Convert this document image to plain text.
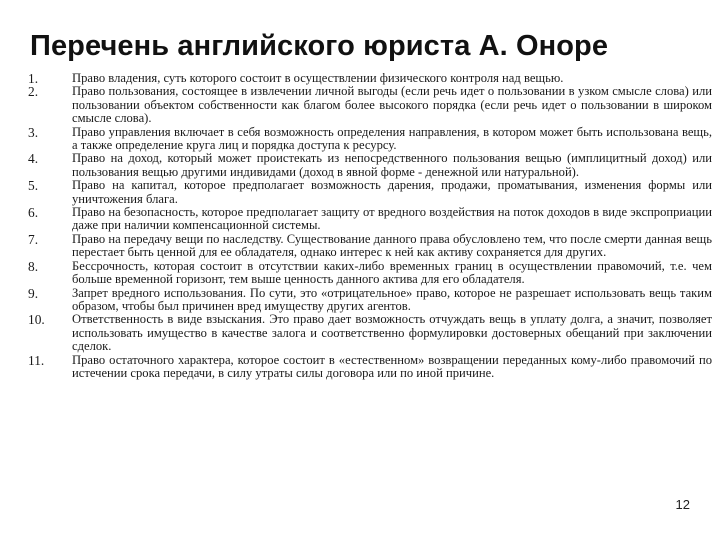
Перечень английского юриста А. Оноре
1.	Право владения, суть которого состоит в осуществлении физического контроля над вещью.
2.	Право пользования, состоящее в извлечении личной выгоды (если речь идет о пользовании в узком смысле слова) или пользовании объектом собственности как благом более высокого порядка (если речь идет о пользовании в широком смысле слова).
3.	Право управления включает в себя возможность определения направления, в котором может быть использована вещь, а также определение круга лиц и порядка доступа к ресурсу.
4.	Право на доход, который может проистекать из непосредственного пользования вещью (имплицитный доход) или пользования вещью другими индивидами (доход в явной форме - денежной или натуральной).
5.	Право на капитал, которое предполагает возможность дарения, продажи, проматывания, изменения формы или уничтожения блага.
6.	Право на безопасность, которое предполагает защиту от вредного воздействия на поток доходов в виде экспроприации даже при наличии компенсационной системы.
7.	Право на передачу вещи по наследству. Существование данного права обусловлено тем, что после смерти данная вещь перестает быть ценной для ее обладателя, однако интерес к ней как активу сохраняется для других.
8.	Бессрочность, которая состоит в отсутствии каких-либо временных границ в осуществлении правомочий, т.е. чем больше временной горизонт, тем выше ценность данного актива для его обладателя.
9.	Запрет вредного использования. По сути, это «отрицательное» право, которое не разрешает использовать вещь таким образом, чтобы был причинен вред имуществу других агентов.
10.	Ответственность в виде взыскания. Это право дает возможность отчуждать вещь в уплату долга, а значит, позволяет использовать имущество в качестве залога и соответственно формулировки достоверных обещаний при заключении сделок.
11.	Право остаточного характера, которое состоит в «естественном» возвращении переданных кому-либо правомочий по истечении срока передачи, в силу утраты силы договора или по иной причине.
12
